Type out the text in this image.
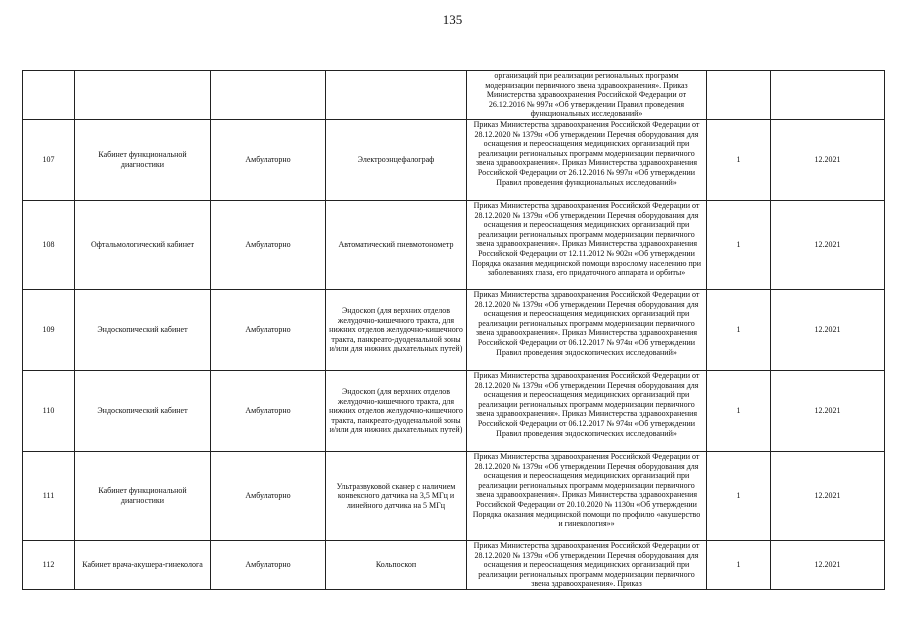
135
				организаций при реализации региональных программ модернизации первичного звена здравоохранения». Приказ Министерства здравоохранения Российской Федерации от 26.12.2016 № 997н «Об утверждении Правил проведения функциональных исследований»		
107	Кабинет функциональной диагностики	Амбулаторно	Электроэнцефалограф	Приказ Министерства здравоохранения Российской Федерации от 28.12.2020 № 1379н «Об утверждении Перечня оборудования для оснащения и переоснащения медицинских организаций при реализации региональных программ модернизации первичного звена здравоохранения». Приказ Министерства здравоохранения Российской Федерации от 26.12.2016 № 997н «Об утверждении Правил проведения функциональных исследований»	1	12.2021
108	Офтальмологический кабинет	Амбулаторно	Автоматический пневмотонометр	Приказ Министерства здравоохранения Российской Федерации от 28.12.2020 № 1379н «Об утверждении Перечня оборудования для оснащения и переоснащения медицинских организаций при реализации региональных программ модернизации первичного звена здравоохранения». Приказ Министерства здравоохранения Российской Федерации от 12.11.2012 № 902н «Об утверждении Порядка оказания медицинской помощи взрослому населению при заболеваниях глаза, его придаточного аппарата и орбиты»	1	12.2021
109	Эндоскопический кабинет	Амбулаторно	Эндоскоп (для верхних отделов желудочно-кишечного тракта, для нижних отделов желудочно-кишечного тракта, панкреато-дуоденальной зоны и/или для нижних дыхательных путей)	Приказ Министерства здравоохранения Российской Федерации от 28.12.2020 № 1379н «Об утверждении Перечня оборудования для оснащения и переоснащения медицинских организаций при реализации региональных программ модернизации первичного звена здравоохранения». Приказ Министерства здравоохранения Российской Федерации от 06.12.2017 № 974н «Об утверждении Правил проведения эндоскопических исследований»	1	12.2021
110	Эндоскопический кабинет	Амбулаторно	Эндоскоп (для верхних отделов желудочно-кишечного тракта, для нижних отделов желудочно-кишечного тракта, панкреато-дуоденальной зоны и/или для нижних дыхательных путей)	Приказ Министерства здравоохранения Российской Федерации от 28.12.2020 № 1379н «Об утверждении Перечня оборудования для оснащения и переоснащения медицинских организаций при реализации региональных программ модернизации первичного звена здравоохранения». Приказ Министерства здравоохранения Российской Федерации от 06.12.2017 № 974н «Об утверждении Правил проведения эндоскопических исследований»	1	12.2021
111	Кабинет функциональной диагностики	Амбулаторно	Ультразвуковой сканер с наличием конвексного датчика на 3,5 МГц и линейного датчика на 5 МГц	Приказ Министерства здравоохранения Российской Федерации от 28.12.2020 № 1379н «Об утверждении Перечня оборудования для оснащения и переоснащения медицинских организаций при реализации региональных программ модернизации первичного звена здравоохранения». Приказ Министерства здравоохранения Российской Федерации от 20.10.2020 № 1130н «Об утверждении Порядка оказания медицинской помощи по профилю «акушерство и гинекология»»	1	12.2021
112	Кабинет врача-акушера-гинеколога	Амбулаторно	Кольпоскоп	Приказ Министерства здравоохранения Российской Федерации от 28.12.2020 № 1379н «Об утверждении Перечня оборудования для оснащения и переоснащения медицинских организаций при реализации региональных программ модернизации первичного звена здравоохранения». Приказ	1	12.2021
